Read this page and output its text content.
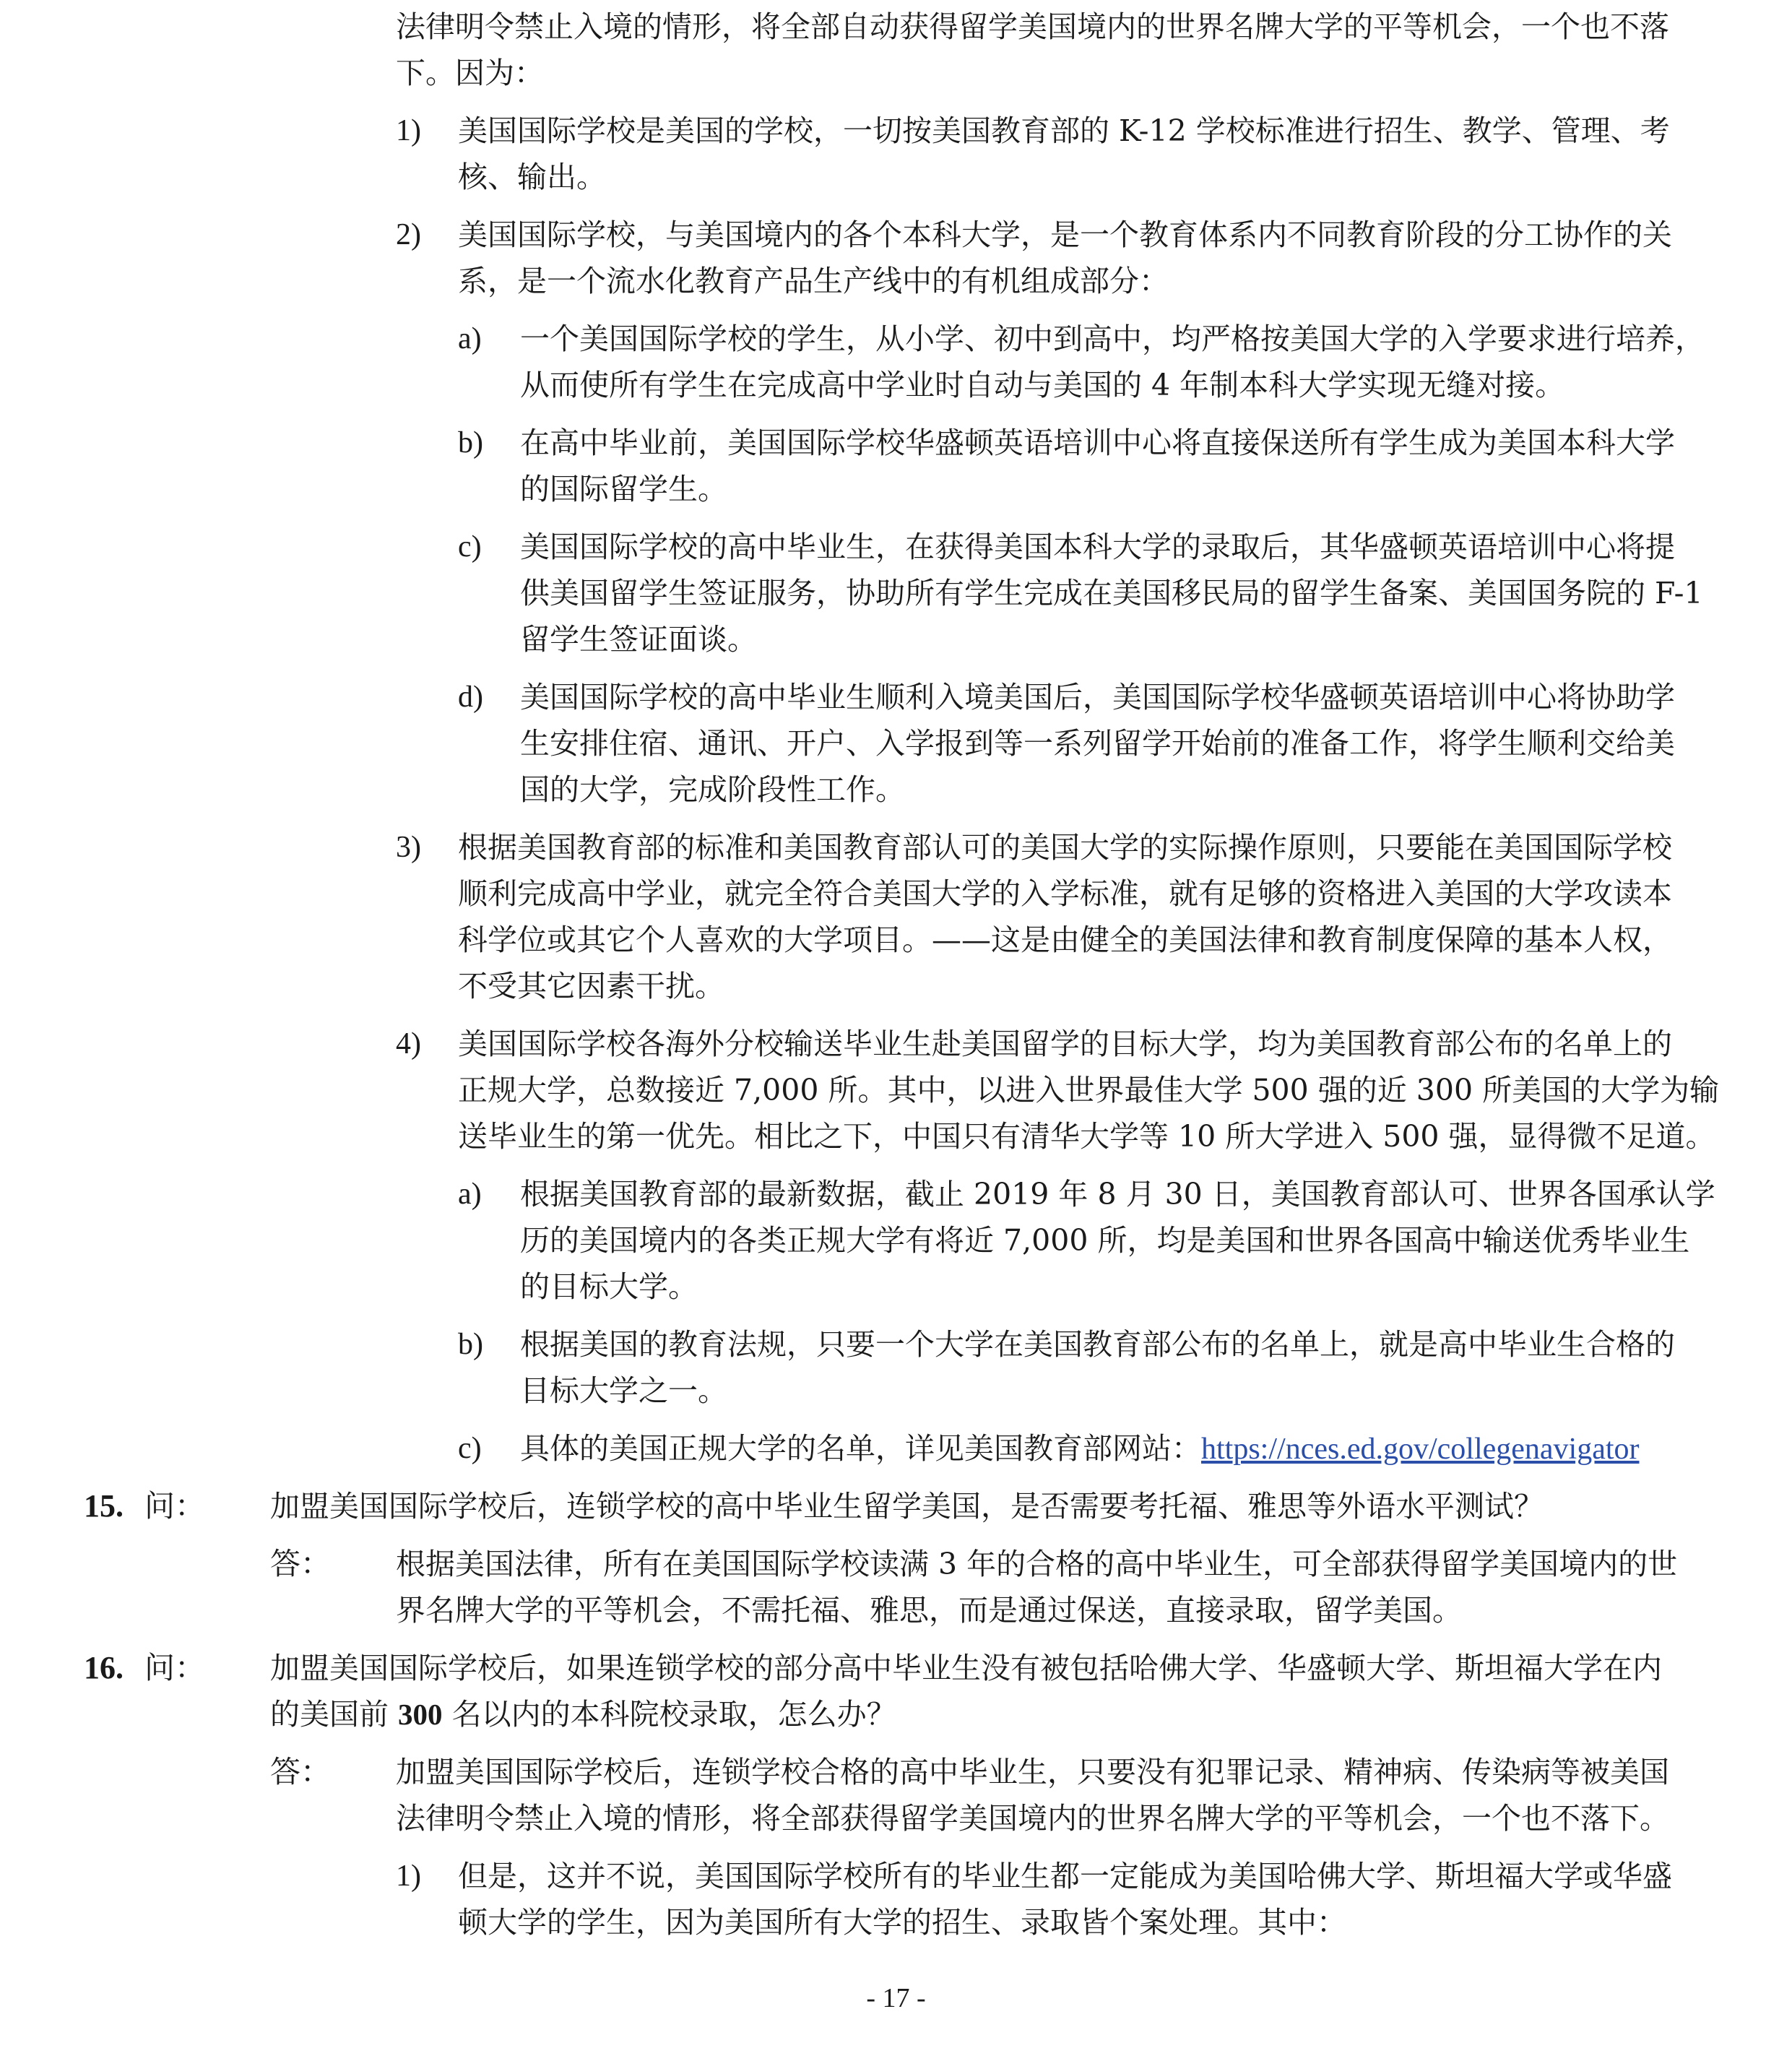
法律明令禁止入境的情形，将全部自动获得留学美国境内的世界名牌大学的平等机会，一个也不落
下。因为：
1) 美国国际学校是美国的学校，一切按美国教育部的 K-12 学校标准进行招生、教学、管理、考
核、输出。
2) 美国国际学校，与美国境内的各个本科大学，是一个教育体系内不同教育阶段的分工协作的关
系，是一个流水化教育产品生产线中的有机组成部分：
a) 一个美国国际学校的学生，从小学、初中到高中，均严格按美国大学的入学要求进行培养，
从而使所有学生在完成高中学业时自动与美国的 4 年制本科大学实现无缝对接。
b) 在高中毕业前，美国国际学校华盛顿英语培训中心将直接保送所有学生成为美国本科大学
的国际留学生。
c) 美国国际学校的高中毕业生，在获得美国本科大学的录取后，其华盛顿英语培训中心将提
供美国留学生签证服务，协助所有学生完成在美国移民局的留学生备案、美国国务院的 F-1
留学生签证面谈。
d) 美国国际学校的高中毕业生顺利入境美国后，美国国际学校华盛顿英语培训中心将协助学
生安排住宿、通讯、开户、入学报到等一系列留学开始前的准备工作，将学生顺利交给美
国的大学，完成阶段性工作。
3) 根据美国教育部的标准和美国教育部认可的美国大学的实际操作原则，只要能在美国国际学校
顺利完成高中学业，就完全符合美国大学的入学标准，就有足够的资格进入美国的大学攻读本
科学位或其它个人喜欢的大学项目。——这是由健全的美国法律和教育制度保障的基本人权，
不受其它因素干扰。
4) 美国国际学校各海外分校输送毕业生赴美国留学的目标大学，均为美国教育部公布的名单上的
正规大学，总数接近 7,000 所。其中，以进入世界最佳大学 500 强的近 300 所美国的大学为输
送毕业生的第一优先。相比之下，中国只有清华大学等 10 所大学进入 500 强，显得微不足道。
a) 根据美国教育部的最新数据，截止 2019 年 8 月 30 日，美国教育部认可、世界各国承认学
历的美国境内的各类正规大学有将近 7,000 所，均是美国和世界各国高中输送优秀毕业生
的目标大学。
b) 根据美国的教育法规，只要一个大学在美国教育部公布的名单上，就是高中毕业生合格的
目标大学之一。
c) 具体的美国正规大学的名单，详见美国教育部网站：https://nces.ed.gov/collegenavigator
15. 问： 加盟美国国际学校后，连锁学校的高中毕业生留学美国，是否需要考托福、雅思等外语水平测试？
答： 根据美国法律，所有在美国国际学校读满 3 年的合格的高中毕业生，可全部获得留学美国境内的世
界名牌大学的平等机会，不需托福、雅思，而是通过保送，直接录取，留学美国。
16. 问： 加盟美国国际学校后，如果连锁学校的部分高中毕业生没有被包括哈佛大学、华盛顿大学、斯坦福大学在内
的美国前 300 名以内的本科院校录取，怎么办？
答： 加盟美国国际学校后，连锁学校合格的高中毕业生，只要没有犯罪记录、精神病、传染病等被美国
法律明令禁止入境的情形，将全部获得留学美国境内的世界名牌大学的平等机会，一个也不落下。
1) 但是，这并不说，美国国际学校所有的毕业生都一定能成为美国哈佛大学、斯坦福大学或华盛
顿大学的学生，因为美国所有大学的招生、录取皆个案处理。其中：
- 17 -
